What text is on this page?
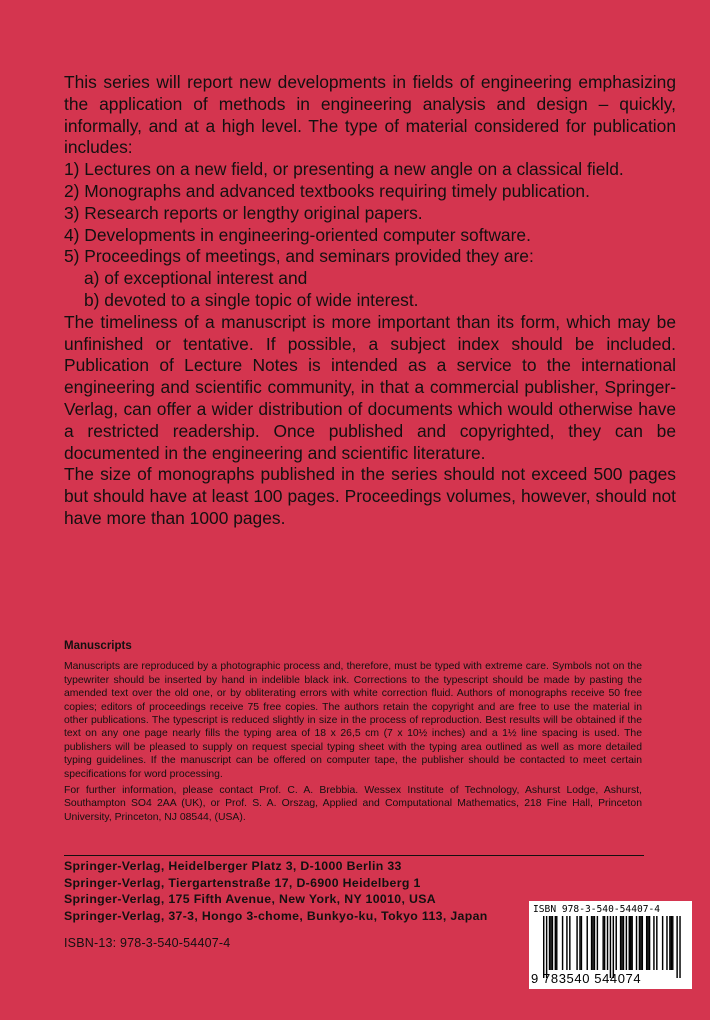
This series will report new developments in fields of engineering emphasizing the application of methods in engineering analysis and design – quickly, informally, and at a high level. The type of material considered for publication includes:

1) Lectures on a new field, or presenting a new angle on a classical field.
2) Monographs and advanced textbooks requiring timely publication.
3) Research reports or lengthy original papers.
4) Developments in engineering-oriented computer software.
5) Proceedings of meetings, and seminars provided they are:
a) of exceptional interest and
b) devoted to a single topic of wide interest.

The timeliness of a manuscript is more important than its form, which may be unfinished or tentative. If possible, a subject index should be included. Publication of Lecture Notes is intended as a service to the international engineering and scientific community, in that a commercial publisher, Springer-Verlag, can offer a wider distribution of documents which would otherwise have a restricted readership. Once published and copyrighted, they can be documented in the engineering and scientific literature.

The size of monographs published in the series should not exceed 500 pages but should have at least 100 pages. Proceedings volumes, however, should not have more than 1000 pages.

Manuscripts

Manuscripts are reproduced by a photographic process and, therefore, must be typed with extreme care. Symbols not on the typewriter should be inserted by hand in indelible black ink. Corrections to the typescript should be made by pasting the amended text over the old one, or by obliterating errors with white correction fluid. Authors of monographs receive 50 free copies; editors of proceedings receive 75 free copies. The authors retain the copyright and are free to use the material in other publications. The typescript is reduced slightly in size in the process of reproduction. Best results will be obtained if the text on any one page nearly fills the typing area of 18 x 26,5 cm (7 x 10½ inches) and a 1½ line spacing is used. The publishers will be pleased to supply on request special typing sheet with the typing area outlined as well as more detailed typing guidelines. If the manuscript can be offered on computer tape, the publisher should be contacted to meet certain specifications for word processing.

For further information, please contact Prof. C. A. Brebbia. Wessex Institute of Technology, Ashurst Lodge, Ashurst, Southampton SO4 2AA (UK), or Prof. S. A. Orszag, Applied and Computational Mathematics, 218 Fine Hall, Princeton University, Princeton, NJ 08544, (USA).

Springer-Verlag, Heidelberger Platz 3, D-1000 Berlin 33
Springer-Verlag, Tiergartenstraße 17, D-6900 Heidelberg 1
Springer-Verlag, 175 Fifth Avenue, New York, NY 10010, USA
Springer-Verlag, 37-3, Hongo 3-chome, Bunkyo-ku, Tokyo 113, Japan
ISBN-13: 978-3-540-54407-4
ISBN 978-3-540-54407-4
9 783540 544074
